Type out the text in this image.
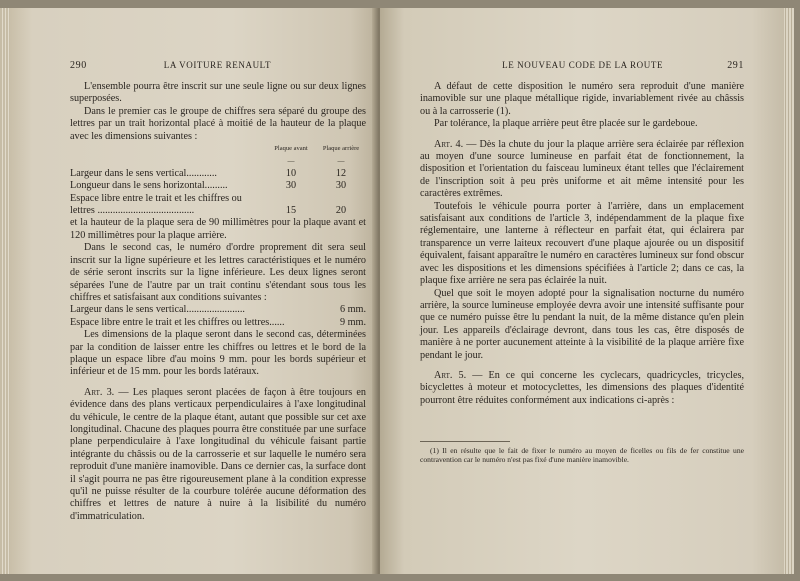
290	LA VOITURE RENAULT

L'ensemble pourra être inscrit sur une seule ligne ou sur deux lignes superposées.

Dans le premier cas le groupe de chiffres sera séparé du groupe des lettres par un trait horizontal placé à moitié de la hauteur de la plaque avec les dimensions suivantes :

	Plaque avant	Plaque arrière
	—	—
Largeur dans le sens vertical............	10	12
Longueur dans le sens horizontal.........	30	30
Espace libre entre le trait et les chiffres ou lettres ......................................	15	20

et la hauteur de la plaque sera de 90 millimètres pour la plaque avant et 120 millimètres pour la plaque arrière.

Dans le second cas, le numéro d'ordre proprement dit sera seul inscrit sur la ligne supérieure et les lettres caractéristiques et le numéro de série seront inscrits sur la ligne inférieure. Les deux lignes seront séparées l'une de l'autre par un trait continu s'étendant sous tous les chiffres et satisfaisant aux conditions suivantes :

Largeur dans le sens vertical.......................	6 mm.
Espace libre entre le trait et les chiffres ou lettres......	9 mm.

Les dimensions de la plaque seront dans le second cas, déterminées par la condition de laisser entre les chiffres ou lettres et le bord de la plaque un espace libre d'au moins 9 mm. pour les bords supérieur et inférieur et de 15 mm. pour les bords latéraux.

Art. 3. — Les plaques seront placées de façon à être toujours en évidence dans des plans verticaux perpendiculaires à l'axe longitudinal du véhicule, le centre de la plaque étant, autant que possible sur cet axe longitudinal. Chacune des plaques pourra être constituée par une surface plane perpendiculaire à l'axe longitudinal du véhicule faisant partie intégrante du châssis ou de la carrosserie et sur laquelle le numéro sera reproduit d'une manière inamovible. Dans ce dernier cas, la surface dont il s'agit pourra ne pas être rigoureusement plane à la condition expresse qu'il ne puisse résulter de la courbure tolérée aucune déformation des chiffres et lettres de nature à nuire à la lisibilité du numéro d'immatriculation.

LE NOUVEAU CODE DE LA ROUTE	291

A défaut de cette disposition le numéro sera reproduit d'une manière inamovible sur une plaque métallique rigide, invariablement rivée au châssis ou à la carrosserie (1).

Par tolérance, la plaque arrière peut être placée sur le gardeboue.

Art. 4. — Dès la chute du jour la plaque arrière sera éclairée par réflexion au moyen d'une source lumineuse en parfait état de fonctionnement, la disposition et l'orientation du faisceau lumineux étant telles que l'éclairement de l'inscription soit à peu près uniforme et ait même intensité pour les caractères extrêmes.

Toutefois le véhicule pourra porter à l'arrière, dans un emplacement satisfaisant aux conditions de l'article 3, indépendamment de la plaque fixe réglementaire, une lanterne à réflecteur en parfait état, qui éclairera par transparence un verre laiteux recouvert d'une plaque ajourée ou un dispositif équivalent, faisant apparaître le numéro en caractères lumineux sur fond obscur avec les dispositions et les dimensions spécifiées à l'article 2; dans ce cas, la plaque fixe arrière ne sera pas éclairée la nuit.

Quel que soit le moyen adopté pour la signalisation nocturne du numéro arrière, la source lumineuse employée devra avoir une intensité suffisante pour que ce numéro puisse être lu pendant la nuit, de la même distance qu'en plein jour. Les appareils d'éclairage devront, dans tous les cas, être disposés de manière à ne porter aucunement atteinte à la visibilité de la plaque arrière fixe pendant le jour.

Art. 5. — En ce qui concerne les cyclecars, quadricycles, tricycles, bicyclettes à moteur et motocyclettes, les dimensions des plaques d'identité pourront être réduites conformément aux indications ci-après :

(1) Il en résulte que le fait de fixer le numéro au moyen de ficelles ou fils de fer constitue une contravention car le numéro n'est pas fixé d'une manière inamovible.
